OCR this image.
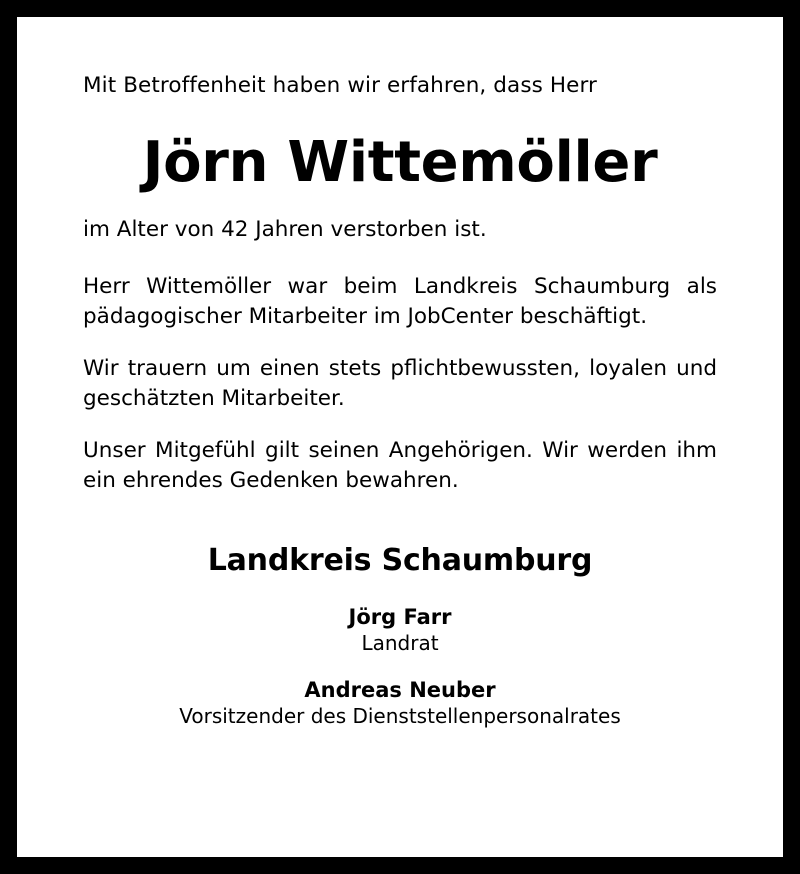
Mit Betroffenheit haben wir erfahren, dass Herr
Jörn Wittemöller
im Alter von 42 Jahren verstorben ist.
Herr Wittemöller war beim Landkreis Schaumburg als pädagogischer Mitarbeiter im JobCenter beschäftigt.
Wir trauern um einen stets pflichtbewussten, loyalen und geschätzten Mitarbeiter.
Unser Mitgefühl gilt seinen Angehörigen. Wir werden ihm ein ehrendes Gedenken bewahren.
Landkreis Schaumburg
Jörg Farr
Landrat
Andreas Neuber
Vorsitzender des Dienststellenpersonalrates
